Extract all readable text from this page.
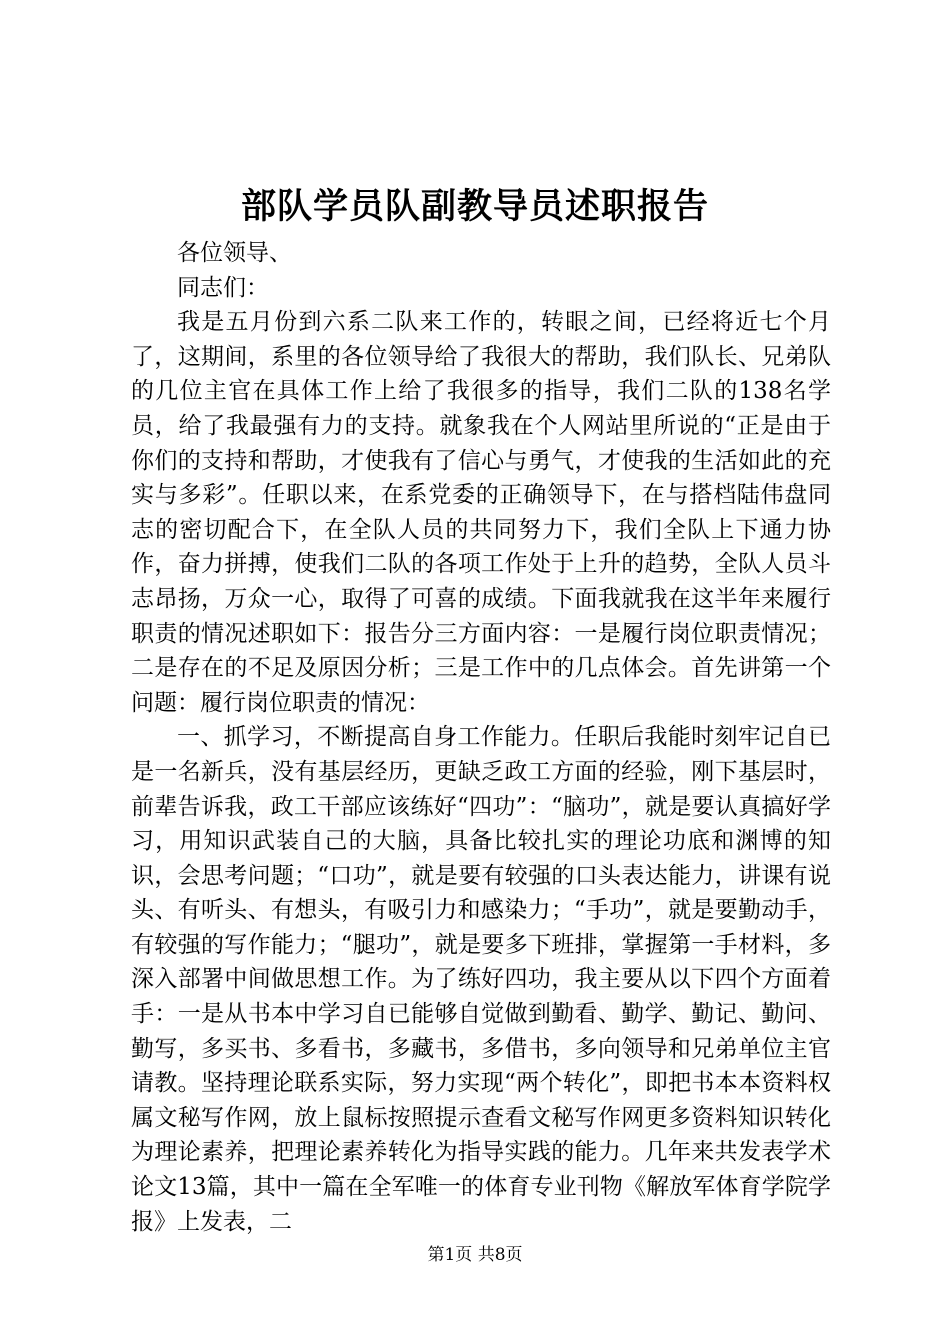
部队学员队副教导员述职报告

各位领导、

同志们：

我是五月份到六系二队来工作的，转眼之间，已经将近七个月了，这期间，系里的各位领导给了我很大的帮助，我们队长、兄弟队的几位主官在具体工作上给了我很多的指导，我们二队的138名学员，给了我最强有力的支持。就象我在个人网站里所说的“正是由于你们的支持和帮助，才使我有了信心与勇气，才使我的生活如此的充实与多彩”。任职以来，在系党委的正确领导下，在与搭档陆伟盘同志的密切配合下，在全队人员的共同努力下，我们全队上下通力协作，奋力拼搏，使我们二队的各项工作处于上升的趋势，全队人员斗志昂扬，万众一心，取得了可喜的成绩。下面我就我在这半年来履行职责的情况述职如下：报告分三方面内容：一是履行岗位职责情况；二是存在的不足及原因分析；三是工作中的几点体会。首先讲第一个问题：履行岗位职责的情况：

一、抓学习，不断提高自身工作能力。任职后我能时刻牢记自已是一名新兵，没有基层经历，更缺乏政工方面的经验，刚下基层时，前辈告诉我，政工干部应该练好“四功”：“脑功”，就是要认真搞好学习，用知识武装自己的大脑，具备比较扎实的理论功底和渊博的知识，会思考问题；“口功”，就是要有较强的口头表达能力，讲课有说头、有听头、有想头，有吸引力和感染力；“手功”，就是要勤动手，有较强的写作能力；“腿功”，就是要多下班排，掌握第一手材料，多深入部署中间做思想工作。为了练好四功，我主要从以下四个方面着手：一是从书本中学习自已能够自觉做到勤看、勤学、勤记、勤问、勤写，多买书、多看书，多藏书，多借书，多向领导和兄弟单位主官请教。坚持理论联系实际，努力实现“两个转化”，即把书本本资料权属文秘写作网，放上鼠标按照提示查看文秘写作网更多资料知识转化为理论素养，把理论素养转化为指导实践的能力。几年来共发表学术论文13篇，其中一篇在全军唯一的体育专业刊物《解放军体育学院学报》上发表，二

第1页 共8页
